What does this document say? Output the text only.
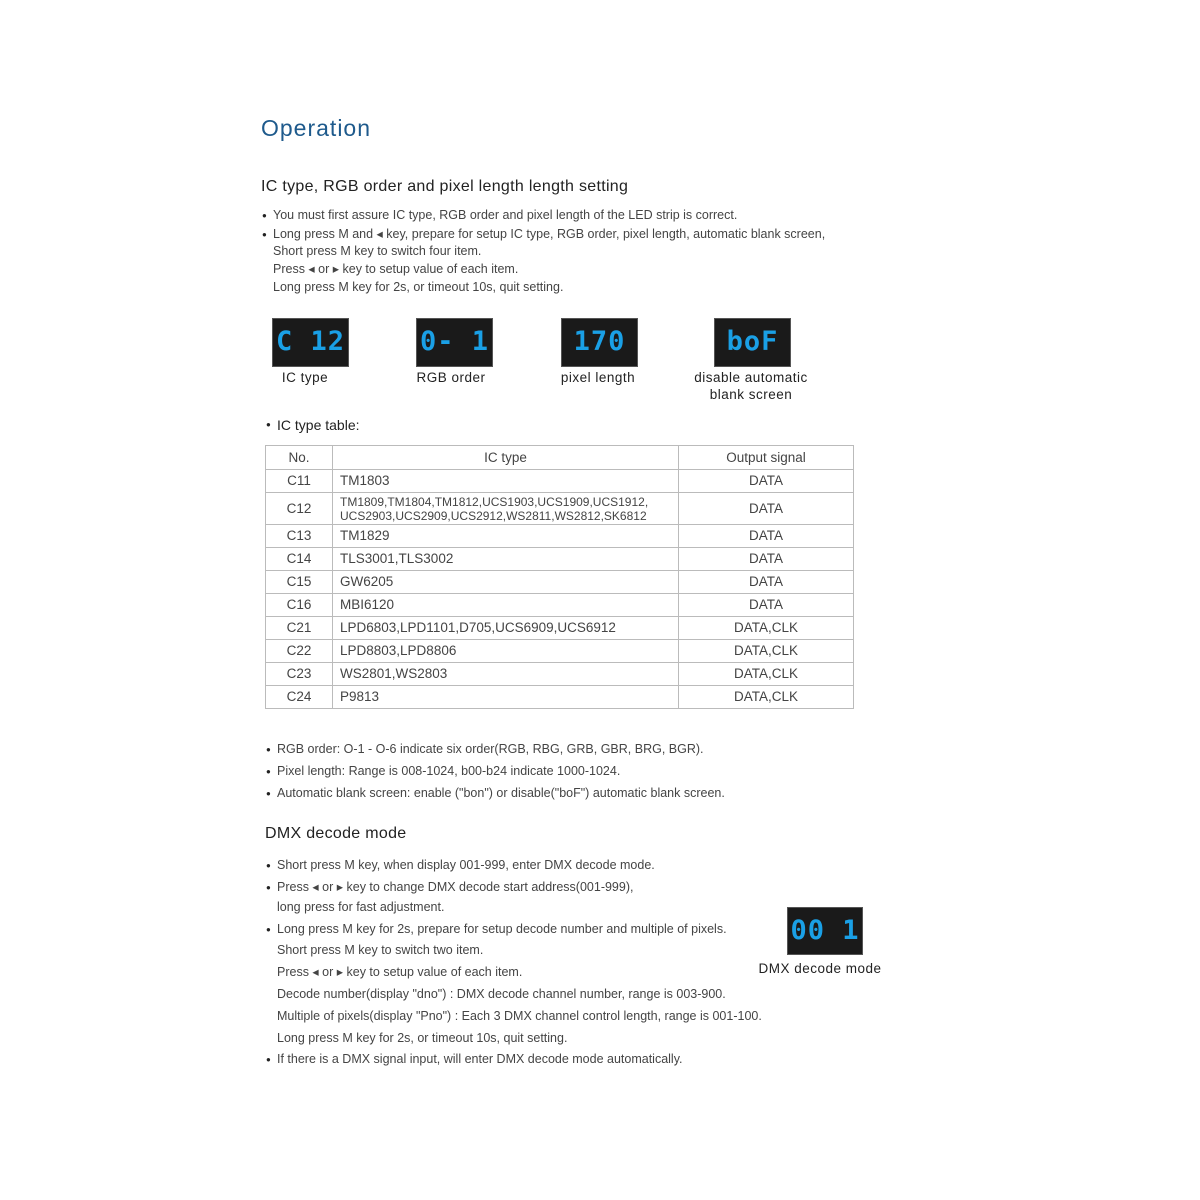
Operation
IC type, RGB order and pixel length length setting
● You must first assure IC type, RGB order and pixel length of the LED strip is correct.
● Long press M and ◂ key, prepare for setup IC type, RGB order, pixel length, automatic blank screen,
Short press M key to switch four item.
Press ◂ or ▸ key to setup value of each item.
Long press M key for 2s, or timeout 10s, quit setting.
C 12
IC type
0- 1
RGB order
170
pixel length
boF
disable automatic
blank screen
● IC type table:
No.	IC type	Output signal
C11	TM1803	DATA
C12	TM1809,TM1804,TM1812,UCS1903,UCS1909,UCS1912,
UCS2903,UCS2909,UCS2912,WS2811,WS2812,SK6812	DATA
C13	TM1829	DATA
C14	TLS3001,TLS3002	DATA
C15	GW6205	DATA
C16	MBI6120	DATA
C21	LPD6803,LPD1101,D705,UCS6909,UCS6912	DATA,CLK
C22	LPD8803,LPD8806	DATA,CLK
C23	WS2801,WS2803	DATA,CLK
C24	P9813	DATA,CLK
● RGB order: O-1 - O-6 indicate six order(RGB, RBG, GRB, GBR, BRG, BGR).
● Pixel length: Range is 008-1024, b00-b24 indicate 1000-1024.
● Automatic blank screen: enable ("bon") or disable("boF") automatic blank screen.
DMX decode mode
● Short press M key, when display 001-999, enter DMX decode mode.
● Press ◂ or ▸ key to change DMX decode start address(001-999),
long press for fast adjustment.
● Long press M key for 2s, prepare for setup decode number and multiple of pixels.
Short press M key to switch two item.
Press ◂ or ▸ key to setup value of each item.
Decode number(display "dno") : DMX decode channel number, range is 003-900.
Multiple of pixels(display "Pno") : Each 3 DMX channel control length, range is 001-100.
Long press M key for 2s, or timeout 10s, quit setting.
● If there is a DMX signal input, will enter DMX decode mode automatically.
00 1
DMX decode mode
